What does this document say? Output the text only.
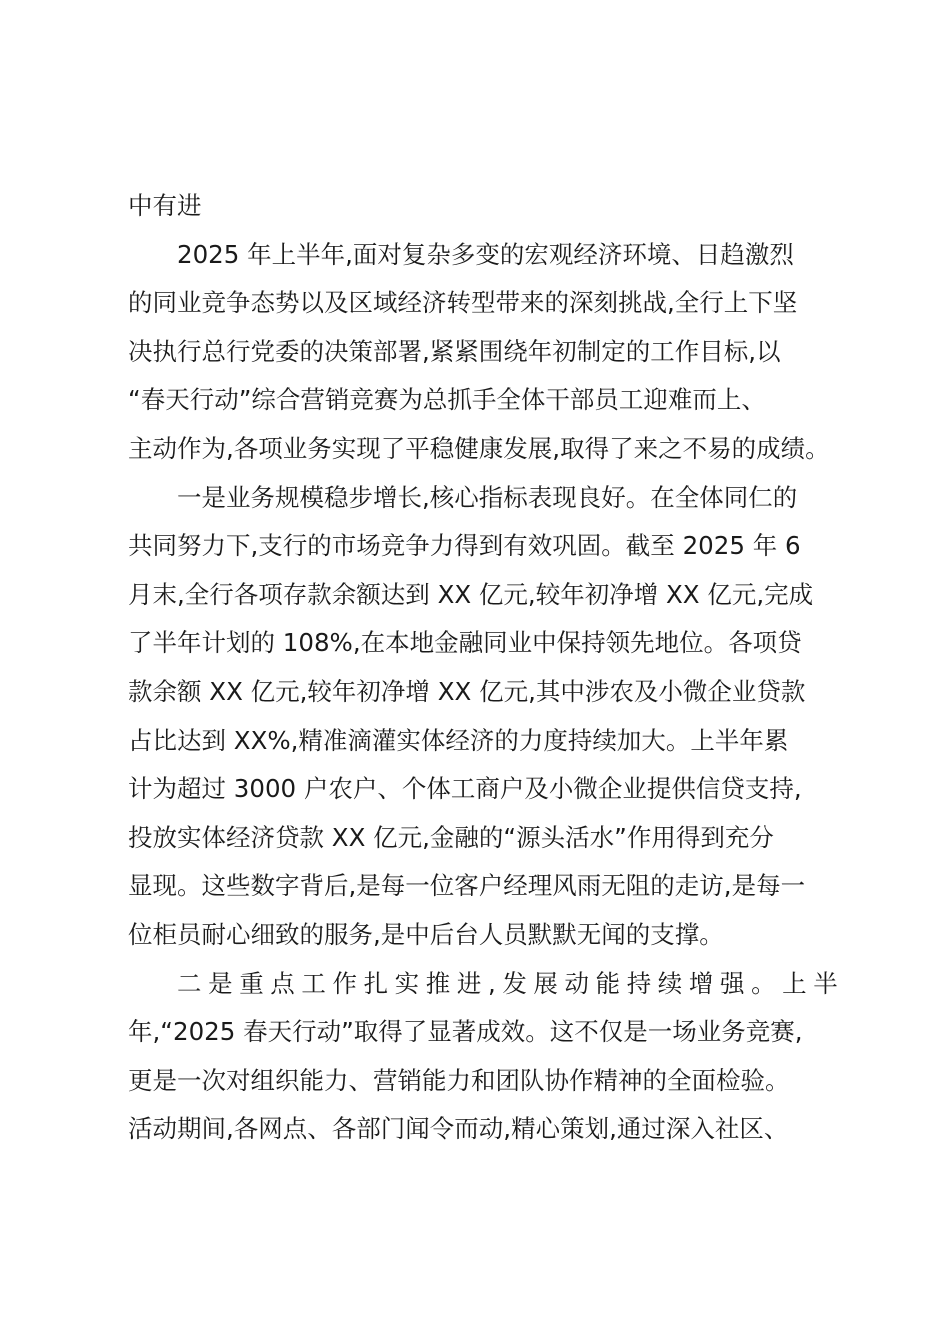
中有进
2025 年上半年,面对复杂多变的宏观经济环境、日趋激烈
的同业竞争态势以及区域经济转型带来的深刻挑战,全行上下坚
决执行总行党委的决策部署,紧紧围绕年初制定的工作目标,以
“春天行动”综合营销竞赛为总抓手全体干部员工迎难而上、
主动作为,各项业务实现了平稳健康发展,取得了来之不易的成绩。
一是业务规模稳步增长,核心指标表现良好。在全体同仁的
共同努力下,支行的市场竞争力得到有效巩固。截至 2025 年 6
月末,全行各项存款余额达到 XX 亿元,较年初净增 XX 亿元,完成
了半年计划的 108%,在本地金融同业中保持领先地位。各项贷
款余额 XX 亿元,较年初净增 XX 亿元,其中涉农及小微企业贷款
占比达到 XX%,精准滴灌实体经济的力度持续加大。上半年累
计为超过 3000 户农户、个体工商户及小微企业提供信贷支持,
投放实体经济贷款 XX 亿元,金融的“源头活水”作用得到充分
显现。这些数字背后,是每一位客户经理风雨无阻的走访,是每一
位柜员耐心细致的服务,是中后台人员默默无闻的支撑。
二 是 重 点 工 作 扎 实 推 进 , 发 展 动 能 持 续 增 强 。 上 半
年,“2025 春天行动”取得了显著成效。这不仅是一场业务竞赛,
更是一次对组织能力、营销能力和团队协作精神的全面检验。
活动期间,各网点、各部门闻令而动,精心策划,通过深入社区、
